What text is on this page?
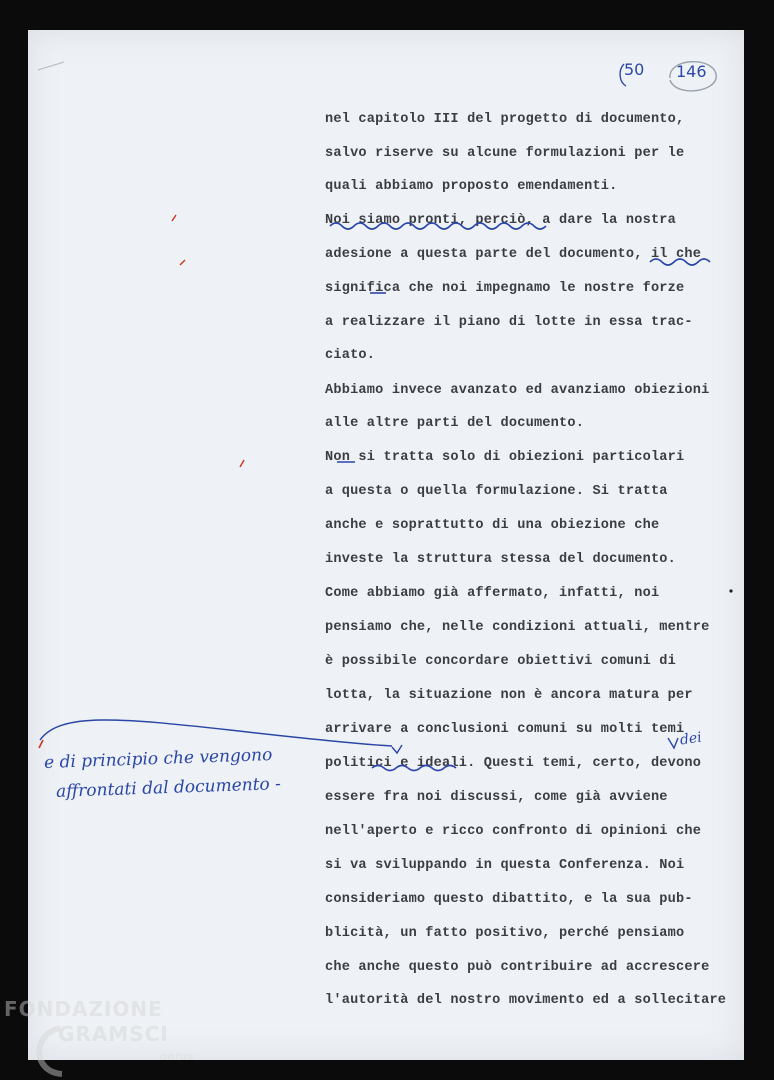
50 146
nel capitolo III del progetto di documento,
salvo riserve su alcune formulazioni per le
quali abbiamo proposto emendamenti.
Noi siamo pronti, perciò, a dare la nostra
adesione a questa parte del documento, il che
significa che noi impegnamo le nostre forze
a realizzare il piano di lotte in essa trac-
ciato.
Abbiamo invece avanzato ed avanziamo obiezioni
alle altre parti del documento.
Non si tratta solo di obiezioni particolari
a questa o quella formulazione. Si tratta
anche e soprattutto di una obiezione che
investe la struttura stessa del documento.
Come abbiamo già affermato, infatti, noi
pensiamo che, nelle condizioni attuali, mentre
è possibile concordare obiettivi comuni di
lotta, la situazione non è ancora matura per
arrivare a conclusioni comuni su molti temi
politici e ideali. Questi temi, certo, devono
essere fra noi discussi, come già avviene
nell'aperto e ricco confronto di opinioni che
si va sviluppando in questa Conferenza. Noi
consideriamo questo dibattito, e la sua pub-
blicità, un fatto positivo, perché pensiamo
che anche questo può contribuire ad accrescere
l'autorità del nostro movimento ed a sollecitare
dei
e di principio che vengono
affrontati dal documento -
FONDAZIONE
GRAMSCI
onlus
